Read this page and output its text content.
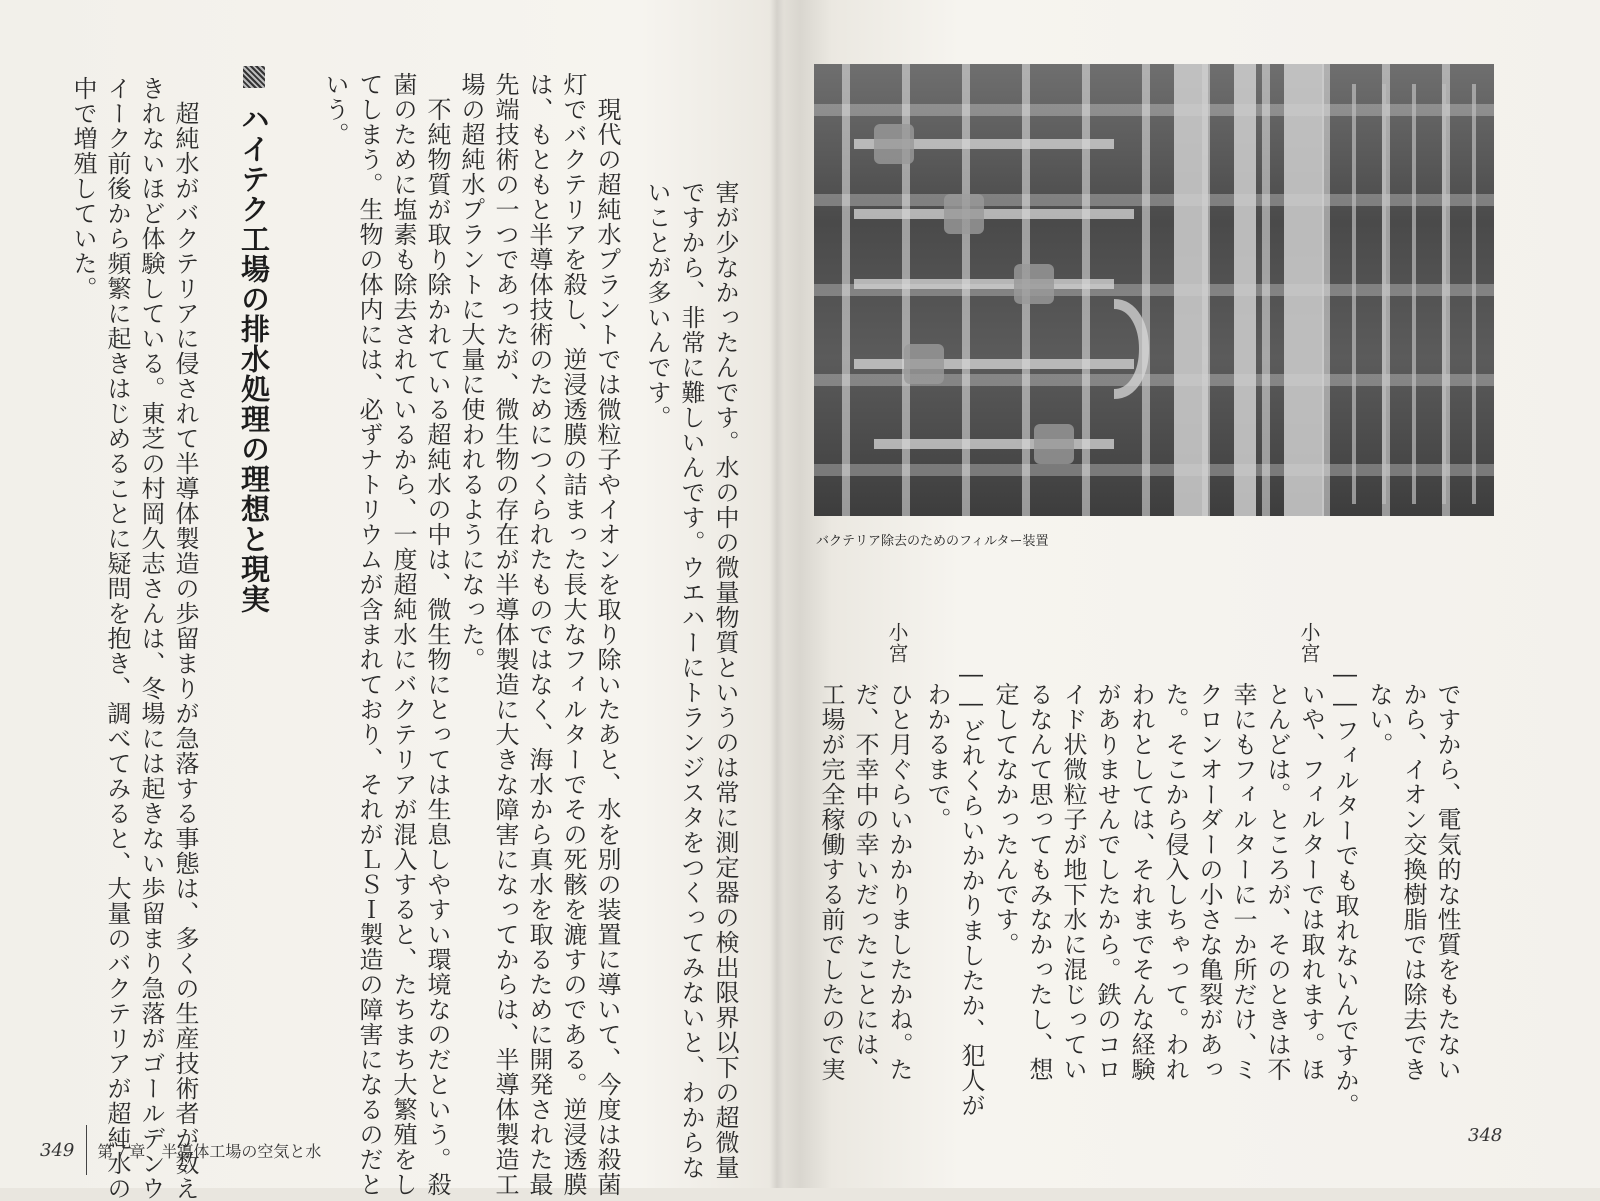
ハイテク工場の排水処理の理想と現実 いう。 てしまう。生物の体内には、必ずナトリウムが含まれており、それがＬＳＩ製造の障害になるのだと 菌のために塩素も除去されているから、一度超純水にバクテリアが混入すると、たちまち大繁殖をし 　不純物質が取り除かれている超純水の中は、微生物にとっては生息しやすい環境なのだという。殺 場の超純水プラントに大量に使われるようになった。 先端技術の一つであったが、微生物の存在が半導体製造に大きな障害になってからは、半導体製造工 は、もともと半導体技術のためにつくられたものではなく、海水から真水を取るために開発された最 灯でバクテリアを殺し、逆浸透膜の詰まった長大なフィルターでその死骸を漉すのである。逆浸透膜 　現代の超純水プラントでは微粒子やイオンを取り除いたあと、水を別の装置に導いて、今度は殺菌 いことが多いんです。 ですから、非常に難しいんです。ウエハーにトランジスタをつくってみないと、わからな 害が少なかったんです。水の中の微量物質というのは常に測定器の検出限界以下の超微量
　超純水がバクテリアに侵されて半導体製造の歩留まりが急落する事態は、多くの生産技術者が数え
きれないほど体験している。東芝の村岡久志さんは、冬場には起きない歩留まり急落がゴールデンウ
イーク前後から頻繁に起きはじめることに疑問を抱き、調べてみると、大量のバクテリアが超純水の
中で増殖していた。
349 第７章　半導体工場の空気と水
バクテリア除去のためのフィルター装置
ですから、電気的な性質をもたない
から、イオン交換樹脂では除去でき
ない。
――フィルターでも取れないんですか。
小宮
いや、フィルターでは取れます。ほ
とんどは。ところが、そのときは不
幸にもフィルターに一か所だけ、ミ
クロンオーダーの小さな亀裂があっ
た。そこから侵入しちゃって。われ
われとしては、それまでそんな経験
がありませんでしたから。鉄のコロ
イド状微粒子が地下水に混じってい
るなんて思ってもみなかったし、想
定してなかったんです。
――どれくらいかかりましたか、犯人が
わかるまで。
小宮
ひと月ぐらいかかりましたかね。た
だ、不幸中の幸いだったことには、
工場が完全稼働する前でしたので実
348
